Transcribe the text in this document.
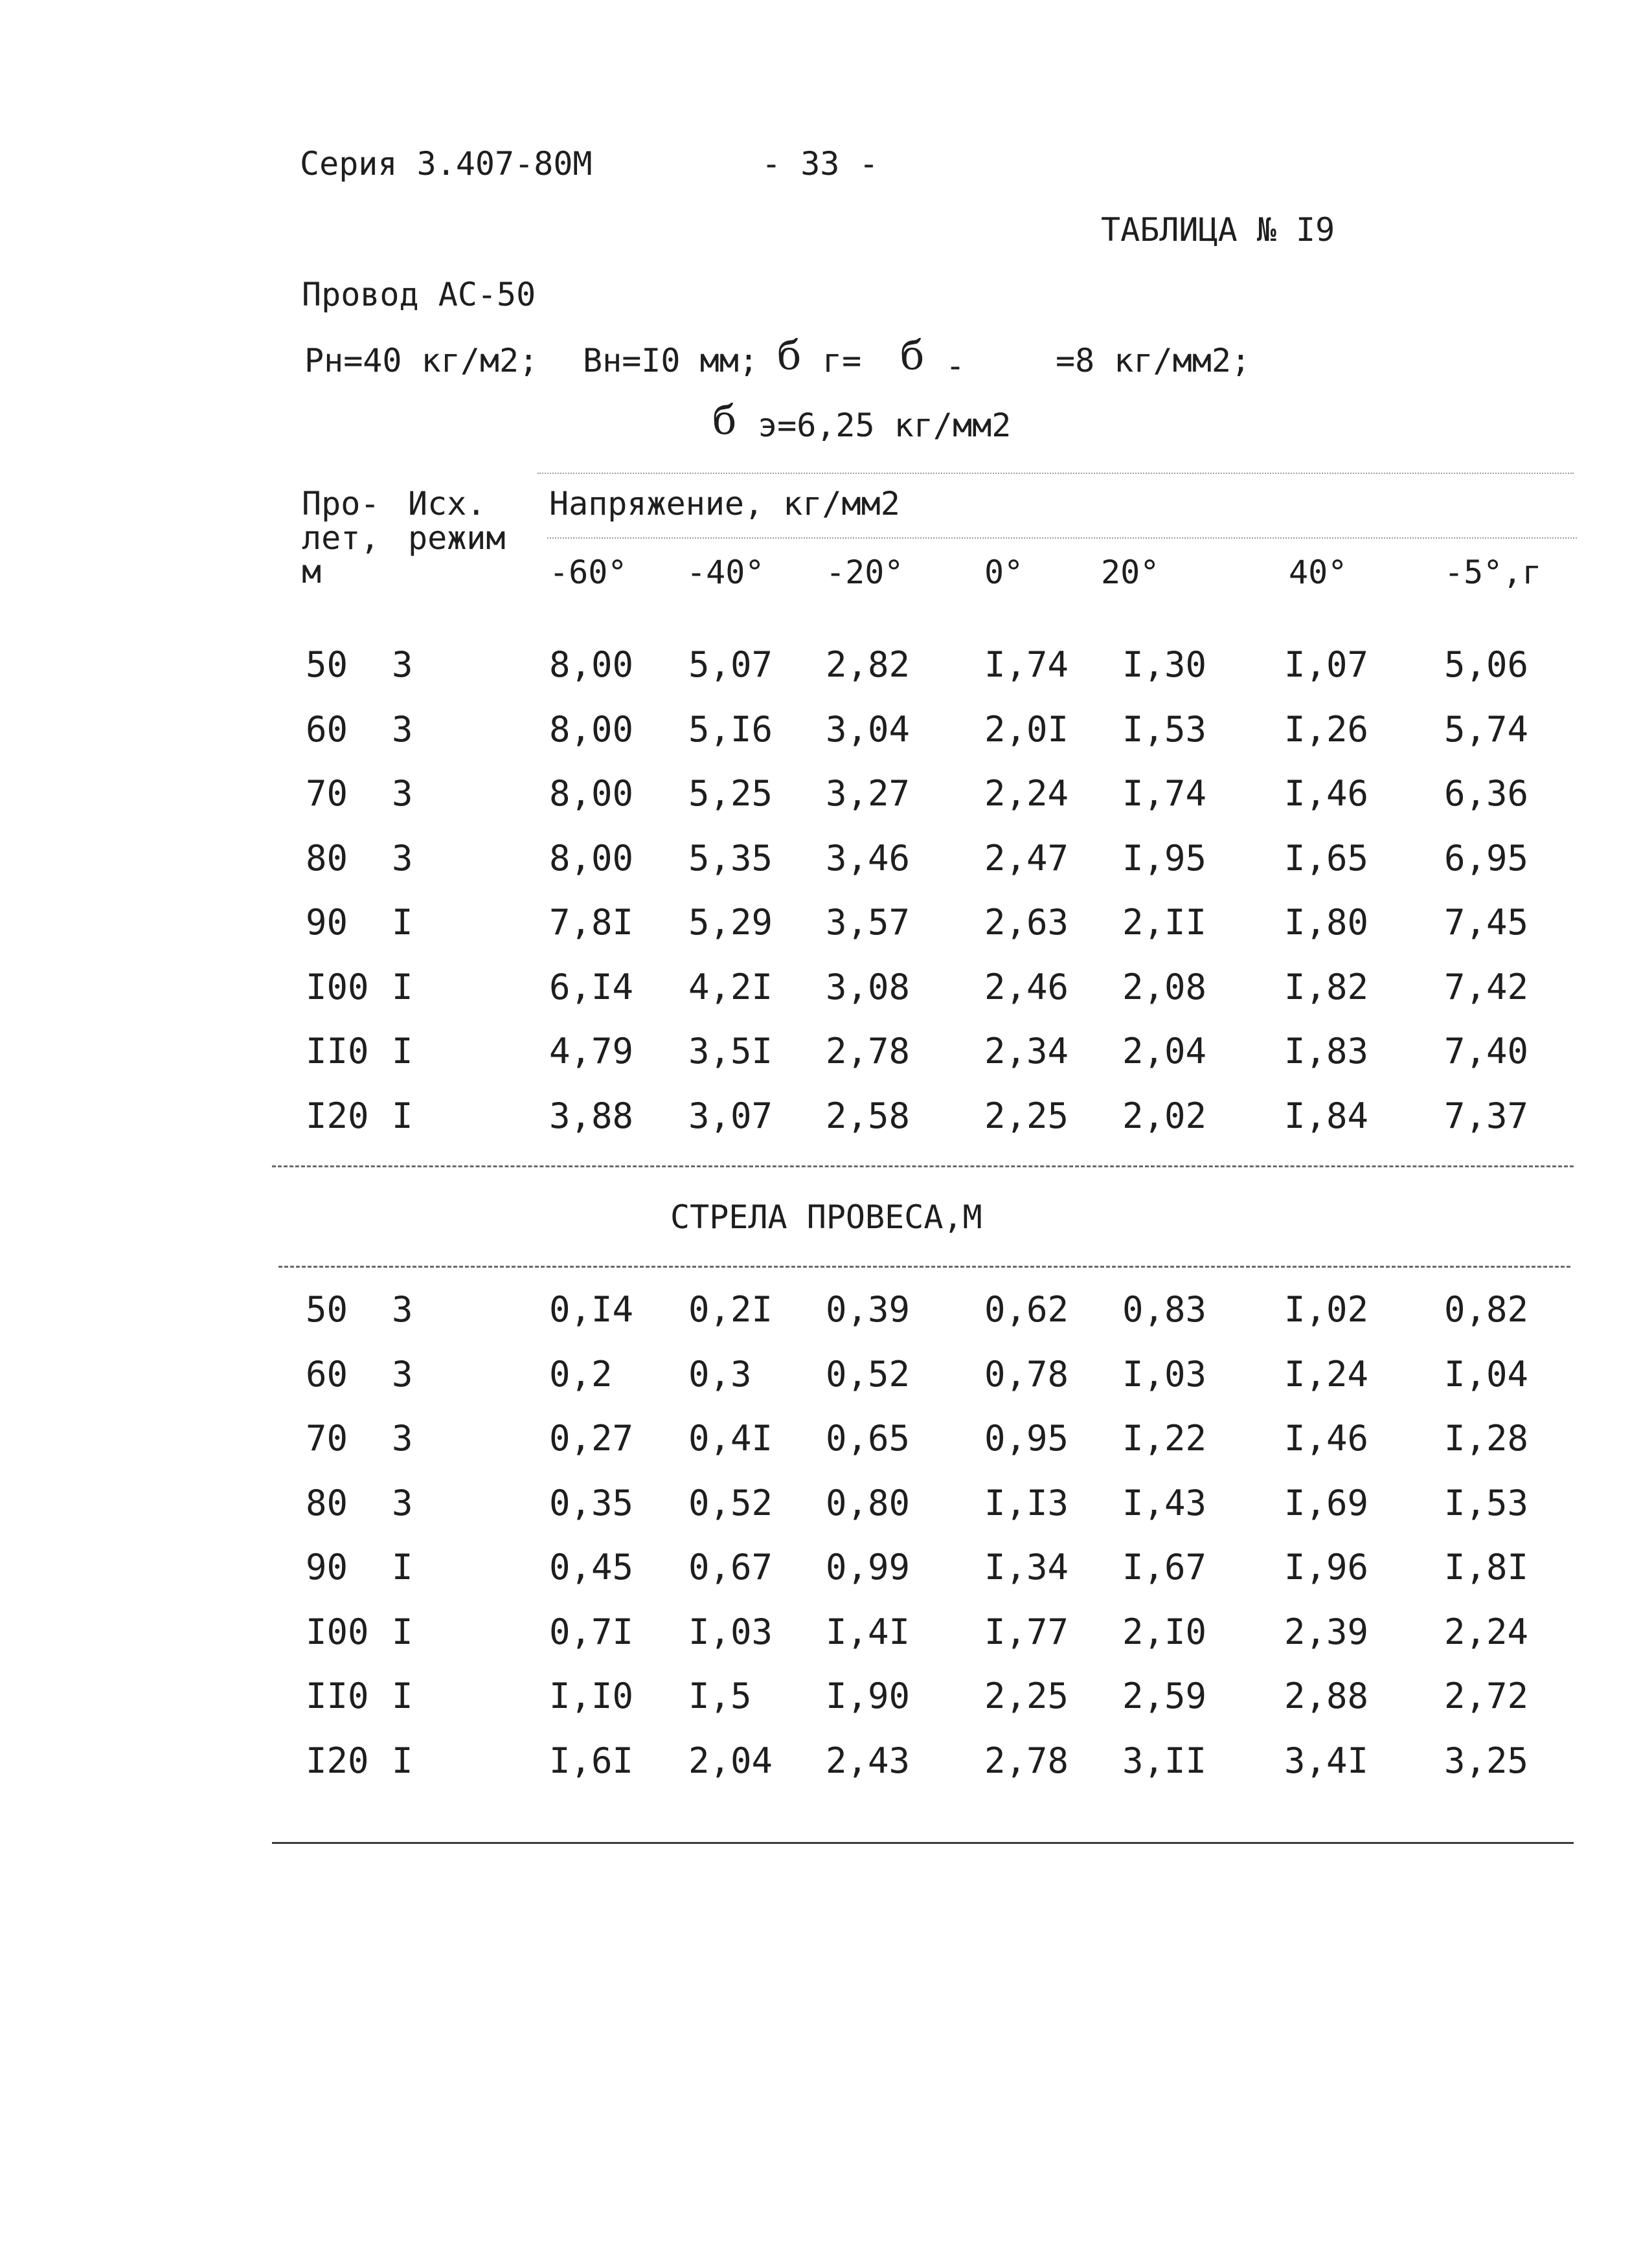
Серия 3.407-80М	- 33 -
ТАБЛИЦА № I9
Провод АС-50
Рн=40 кг/м2; Вн=I0 мм; б г= б -	=8 кг/мм2;
б э=6,25 кг/мм2
Про-
лет,
м
Исх.
режим
Напряжение, кг/мм2
-60° -40° -20° 0° 20°	40°	-5°,г
50 3	8,00 5,07 2,82 I,74 I,30 I,07 5,06
60 3	8,00 5,I6 3,04 2,0I I,53 I,26 5,74
70 3	8,00 5,25 3,27 2,24 I,74 I,46 6,36
80 3	8,00 5,35 3,46 2,47 I,95 I,65 6,95
90 I	7,8I 5,29 3,57 2,63 2,II I,80 7,45
I00 I	6,I4 4,2I 3,08 2,46 2,08 I,82 7,42
II0 I	4,79 3,5I 2,78 2,34 2,04 I,83 7,40
I20 I	3,88 3,07 2,58 2,25 2,02 I,84 7,37
СТРЕЛА ПРОВЕСА,М
50 3	0,I4 0,2I 0,39 0,62 0,83 I,02 0,82
60 3	0,2 0,3 0,52 0,78 I,03 I,24 I,04
70 3	0,27 0,4I 0,65 0,95 I,22 I,46 I,28
80 3	0,35 0,52 0,80 I,I3 I,43 I,69 I,53
90 I	0,45 0,67 0,99 I,34 I,67 I,96 I,8I
I00 I	0,7I I,03 I,4I I,77 2,I0 2,39 2,24
II0 I	I,I0 I,5 I,90 2,25 2,59 2,88 2,72
I20 I	I,6I 2,04 2,43 2,78 3,II 3,4I 3,25
